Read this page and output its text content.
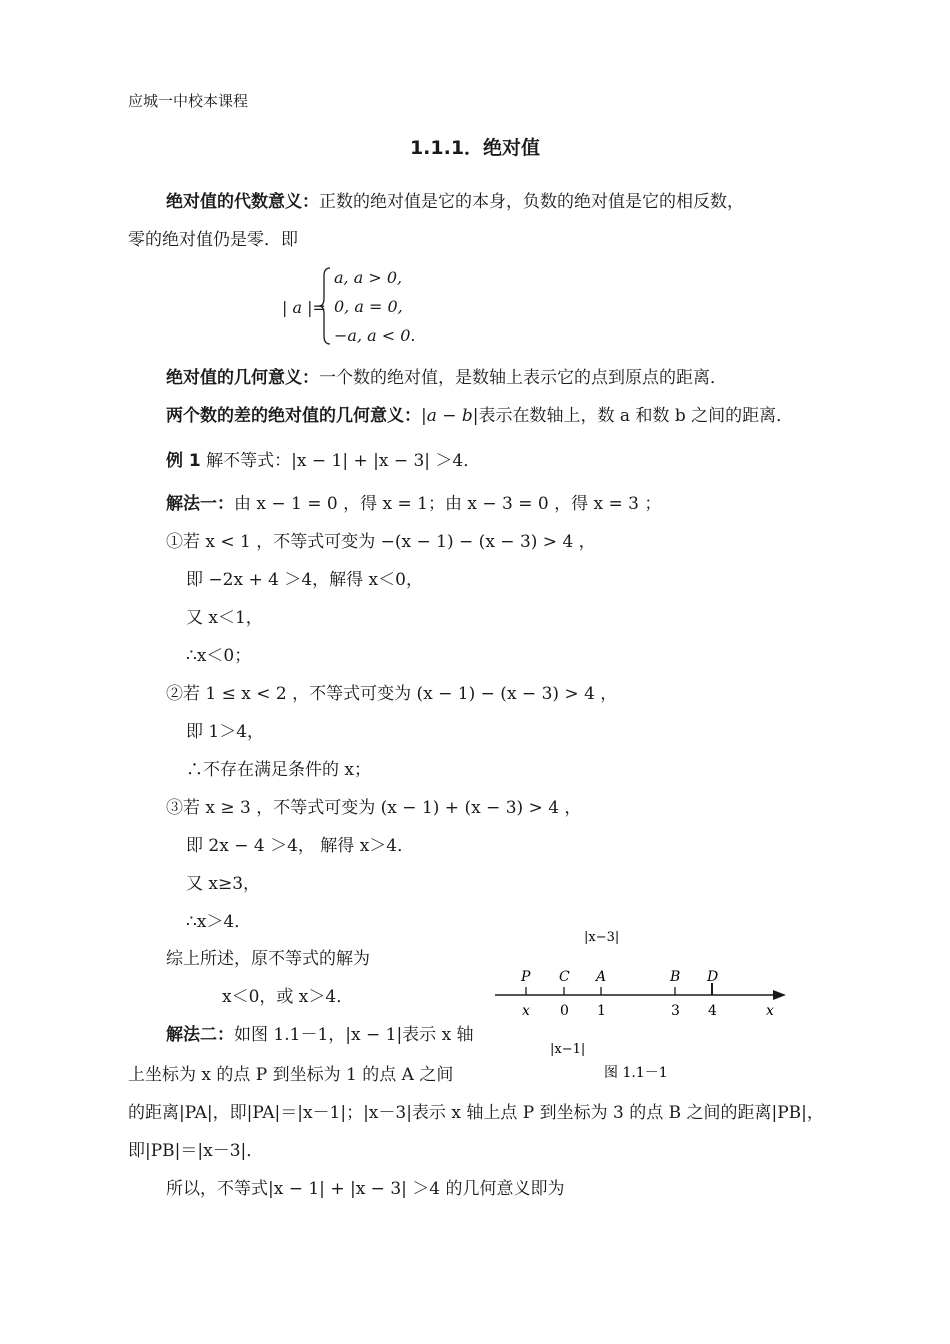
应城一中校本课程
1.1.1．绝对值
绝对值的代数意义：正数的绝对值是它的本身，负数的绝对值是它的相反数，
零的绝对值仍是零．即
| a |=
a, a > 0,
0, a = 0,
−a, a < 0.
绝对值的几何意义：一个数的绝对值，是数轴上表示它的点到原点的距离．
两个数的差的绝对值的几何意义：|a − b|表示在数轴上，数 a 和数 b 之间的距离．
例 1 解不等式：|x − 1| + |x − 3| ＞4．
解法一：由 x − 1 = 0 ，得 x = 1；由 x − 3 = 0 ，得 x = 3 ；
①若 x < 1 ，不等式可变为 −(x − 1) − (x − 3) > 4 ，
即 −2x + 4 ＞4，解得 x＜0，
又 x＜1，
∴x＜0；
②若 1 ≤ x < 2 ，不等式可变为 (x − 1) − (x − 3) > 4 ，
即 1＞4，
∴不存在满足条件的 x；
③若 x ≥ 3 ，不等式可变为 (x − 1) + (x − 3) > 4 ，
即 2x − 4 ＞4， 解得 x＞4．
又 x≥3，
∴x＞4．
综上所述，原不等式的解为
x＜0，或 x＞4．
解法二：如图 1.1－1，|x − 1|表示 x 轴
上坐标为 x 的点 P 到坐标为 1 的点 A 之间
的距离|PA|，即|PA|＝|x－1|；|x－3|表示 x 轴上点 P 到坐标为 3 的点 B 之间的距离|PB|，
即|PB|＝|x－3|．
所以，不等式|x − 1| + |x − 3| ＞4 的几何意义即为
|x−3|
P
x
C
0
A
1
B
3
D
4	x
|x−1|
图 1.1－1
